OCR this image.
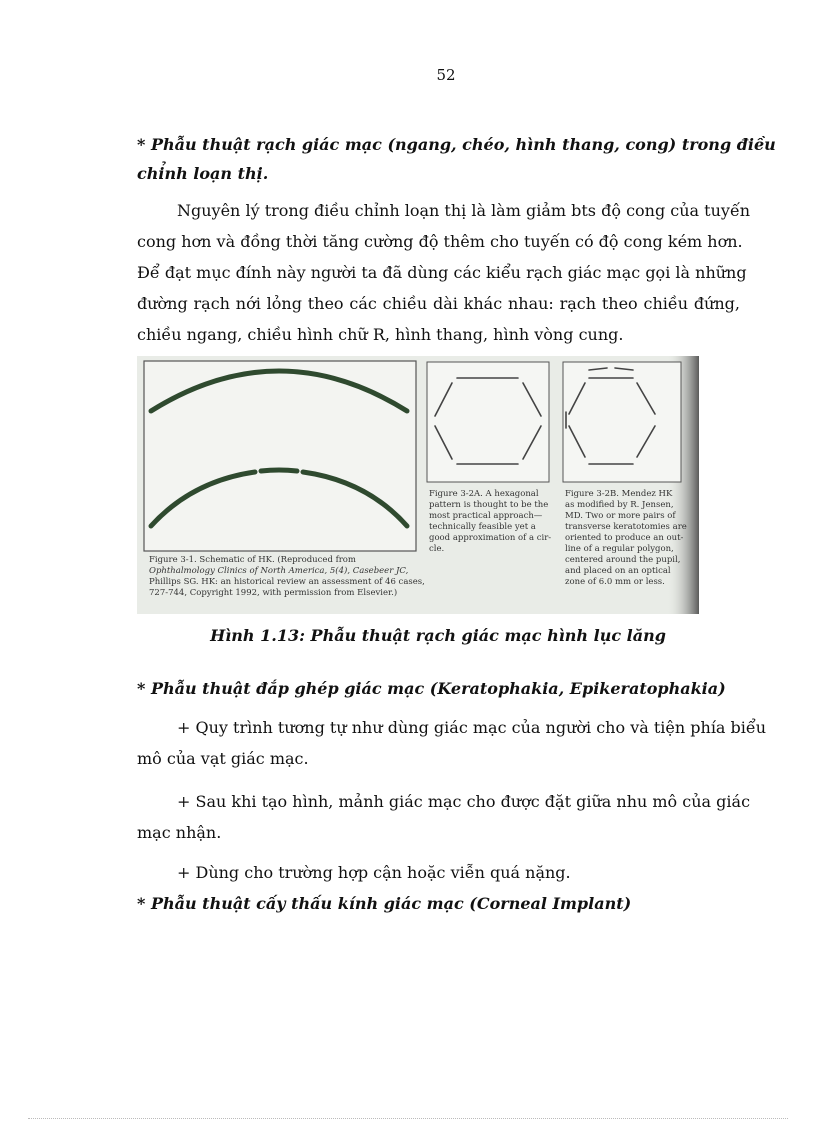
52
* Phẫu thuật rạch giác mạc (ngang, chéo, hình thang, cong) trong điều
chỉnh loạn thị.
Nguyên lý trong điều chỉnh loạn thị là làm giảm bts độ cong của tuyến
cong hơn và đồng thời tăng cường độ thêm cho tuyến có độ cong kém hơn.
Để đạt mục đính này người ta đã dùng các kiểu rạch giác mạc gọi là những
đường rạch nới lỏng theo các chiều dài khác nhau: rạch theo chiều đứng,
chiều ngang, chiều hình chữ R, hình thang, hình vòng cung.
Figure 3-1. Schematic of HK. (Reproduced from
Ophthalmology Clinics of North America, 5(4), Casebeer JC,
Phillips SG. HK: an historical review an assessment of 46 cases,
727-744, Copyright 1992, with permission from Elsevier.)
Figure 3-2A. A hexagonal
pattern is thought to be the
most practical approach—
technically feasible yet a
good approximation of a cir-
cle.
Figure 3-2B. Mendez HK
as modified by R. Jensen,
MD. Two or more pairs of
transverse keratotomies are
oriented to produce an out-
line of a regular polygon,
centered around the pupil,
and placed on an optical
zone of 6.0 mm or less.
Hình 1.13: Phẫu thuật rạch giác mạc hình lục lăng
* Phẫu thuật đắp ghép giác mạc (Keratophakia, Epikeratophakia)
+ Quy trình tương tự như dùng giác mạc của người cho và tiện phía biểu
mô của vạt giác mạc.
+ Sau khi tạo hình, mảnh giác mạc cho được đặt giữa nhu mô của giác
mạc nhận.
+ Dùng cho trường hợp cận hoặc viễn quá nặng.
* Phẫu thuật cấy thấu kính giác mạc (Corneal Implant)
